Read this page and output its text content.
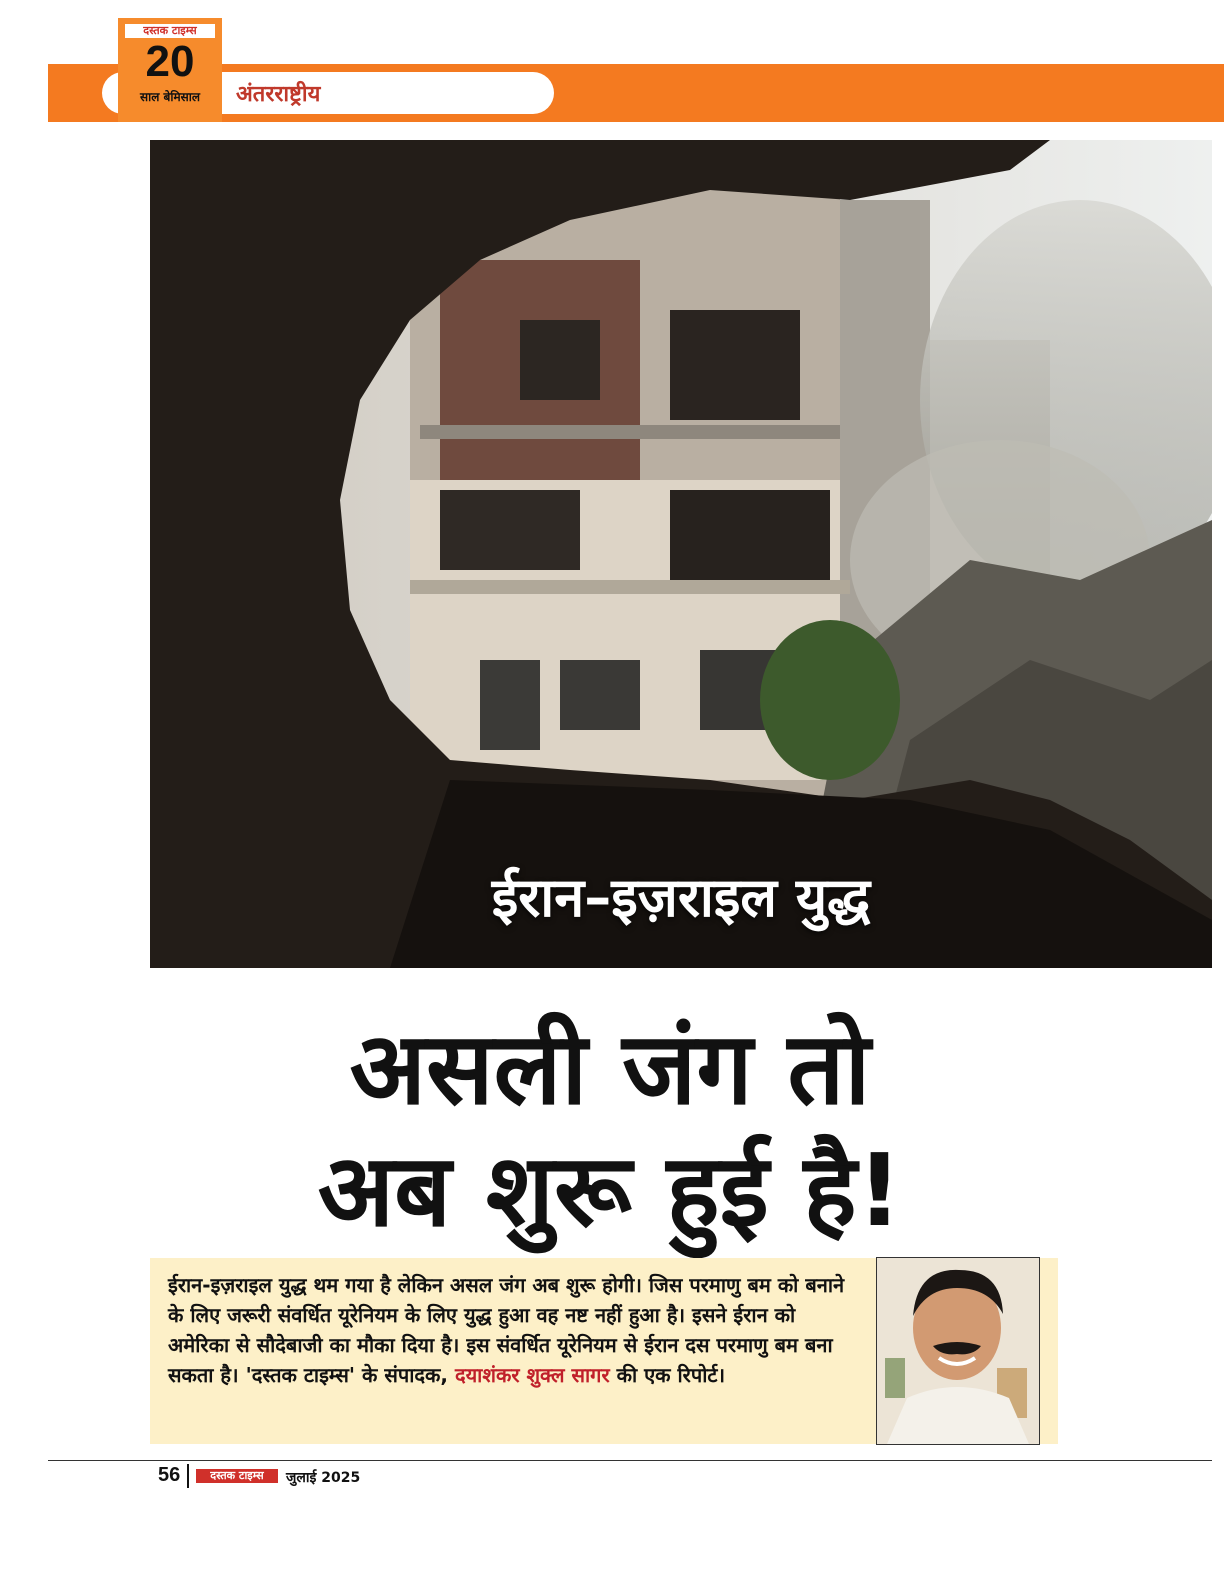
अंतरराष्ट्रीय
दस्तक टाइम्स
20
साल बेमिसाल
ईरान–इज़राइल युद्ध
असली जंग तो
अब शुरू हुई है!
ईरान-इज़राइल युद्ध थम गया है लेकिन असल जंग अब शुरू होगी। जिस परमाणु बम को बनाने के लिए जरूरी संवर्धित यूरेनियम के लिए युद्ध हुआ वह नष्ट नहीं हुआ है। इसने ईरान को अमेरिका से सौदेबाजी का मौका दिया है। इस संवर्धित यूरेनियम से ईरान दस परमाणु बम बना सकता है। 'दस्तक टाइम्स' के संपादक, दयाशंकर शुक्ल सागर की एक रिपोर्ट।
56	दस्तक टाइम्स	जुलाई 2025
